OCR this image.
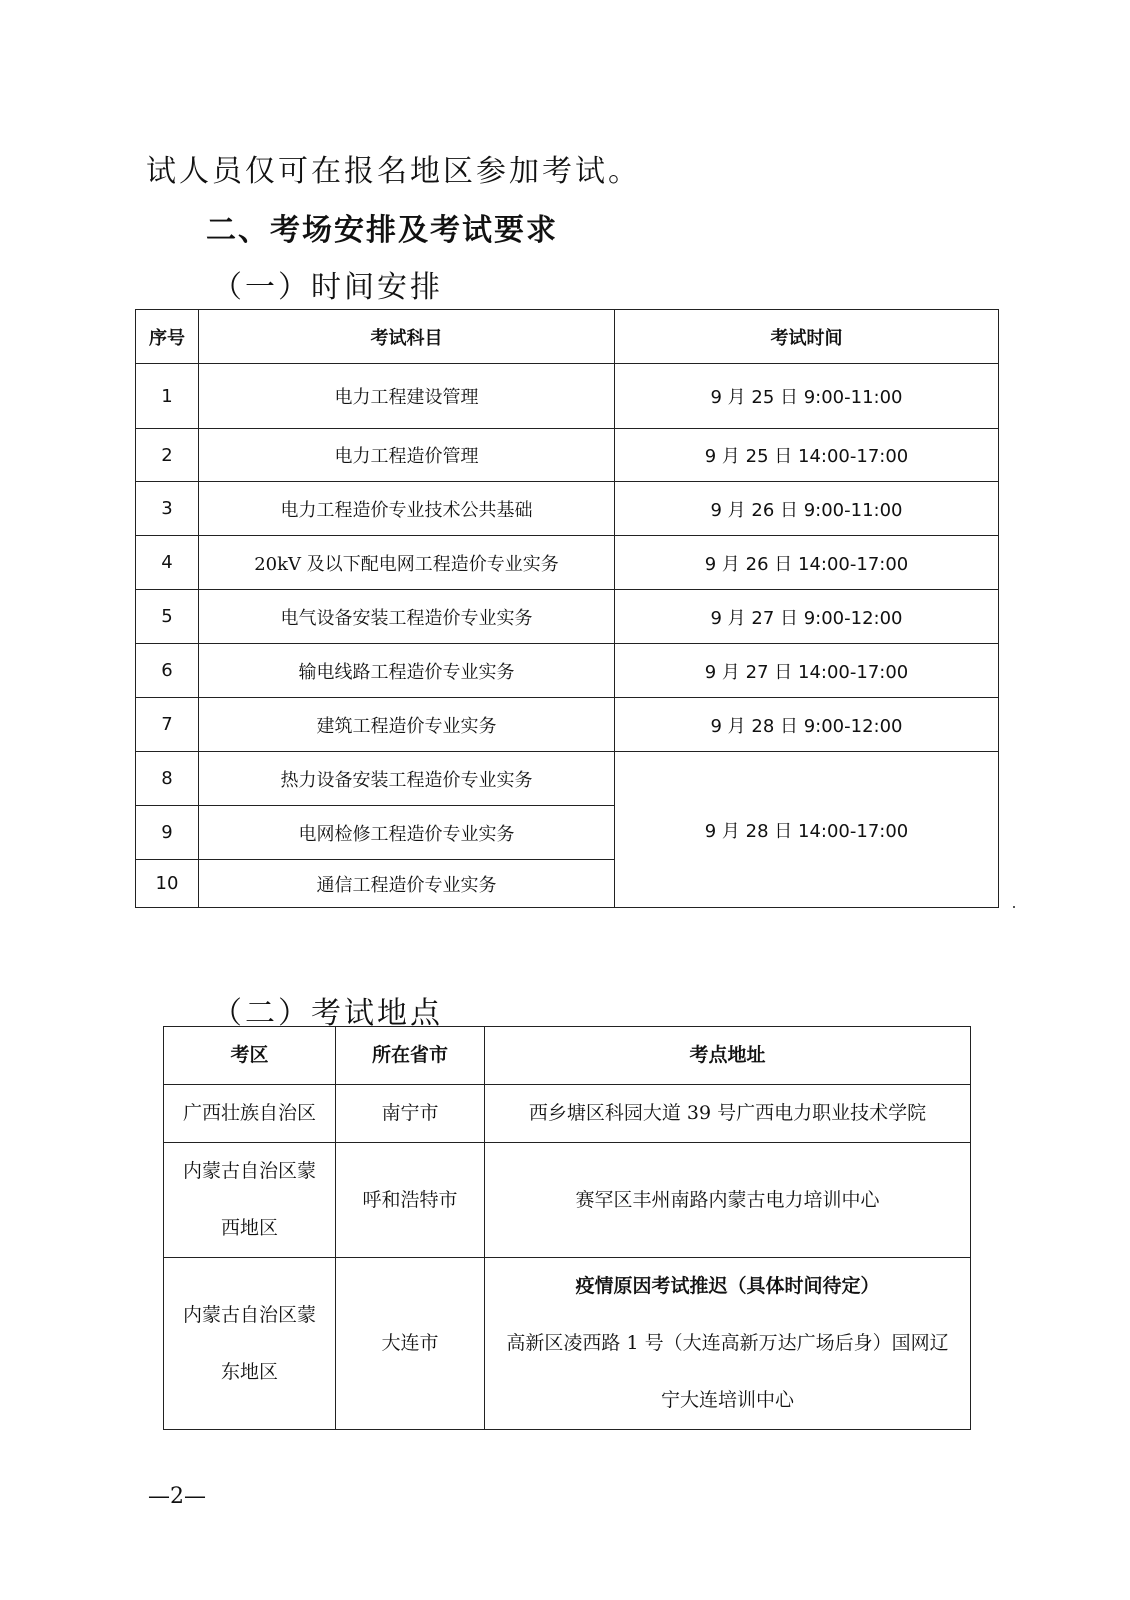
试人员仅可在报名地区参加考试。
二、考场安排及考试要求
（一）时间安排
序号	考试科目	考试时间
1	电力工程建设管理	9 月 25 日 9:00-11:00
2	电力工程造价管理	9 月 25 日 14:00-17:00
3	电力工程造价专业技术公共基础	9 月 26 日 9:00-11:00
4	20kV 及以下配电网工程造价专业实务	9 月 26 日 14:00-17:00
5	电气设备安装工程造价专业实务	9 月 27 日 9:00-12:00
6	输电线路工程造价专业实务	9 月 27 日 14:00-17:00
7	建筑工程造价专业实务	9 月 28 日 9:00-12:00
8	热力设备安装工程造价专业实务	9 月 28 日 14:00-17:00
9	电网检修工程造价专业实务	
10	通信工程造价专业实务	
（二）考试地点
考区	所在省市	考点地址
广西壮族自治区	南宁市	西乡塘区科园大道 39 号广西电力职业技术学院

内蒙古自治区蒙
西地区	呼和浩特市	赛罕区丰州南路内蒙古电力培训中心

内蒙古自治区蒙
东地区	大连市	疫情原因考试推迟（具体时间待定）
高新区凌西路 1 号（大连高新万达广场后身）国网辽
宁大连培训中心
—2—
